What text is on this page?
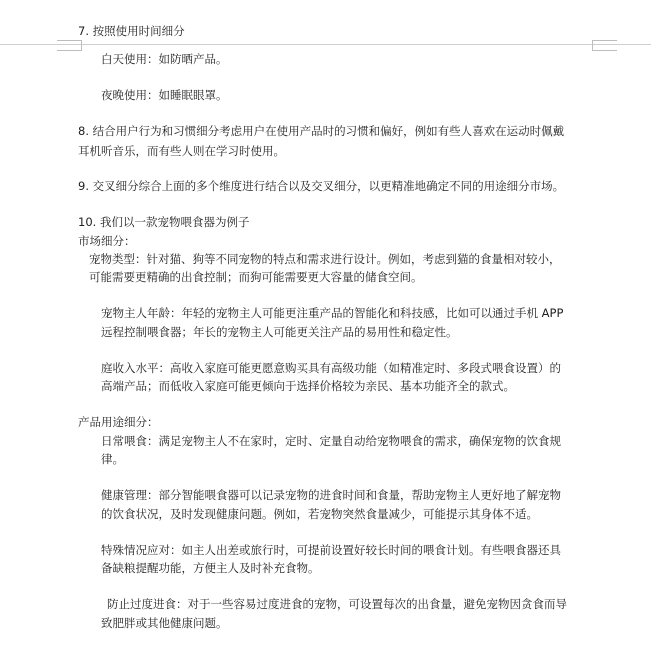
7. 按照使用时间细分
白天使用：如防晒产品。
夜晚使用：如睡眠眼罩。
8. 结合用户行为和习惯细分考虑用户在使用产品时的习惯和偏好，例如有些人喜欢在运动时佩戴
耳机听音乐，而有些人则在学习时使用。
9. 交叉细分综合上面的多个维度进行结合以及交叉细分，以更精准地确定不同的用途细分市场。
10. 我们以一款宠物喂食器为例子
市场细分：
宠物类型：针对猫、狗等不同宠物的特点和需求进行设计。例如，考虑到猫的食量相对较小，
可能需要更精确的出食控制；而狗可能需要更大容量的储食空间。
宠物主人年龄：年轻的宠物主人可能更注重产品的智能化和科技感，比如可以通过手机 APP
远程控制喂食器；年长的宠物主人可能更关注产品的易用性和稳定性。
庭收入水平：高收入家庭可能更愿意购买具有高级功能（如精准定时、多段式喂食设置）的
高端产品；而低收入家庭可能更倾向于选择价格较为亲民、基本功能齐全的款式。
产品用途细分：
日常喂食：满足宠物主人不在家时，定时、定量自动给宠物喂食的需求，确保宠物的饮食规
律。
健康管理：部分智能喂食器可以记录宠物的进食时间和食量，帮助宠物主人更好地了解宠物
的饮食状况，及时发现健康问题。例如，若宠物突然食量减少，可能提示其身体不适。
特殊情况应对：如主人出差或旅行时，可提前设置好较长时间的喂食计划。有些喂食器还具
备缺粮提醒功能，方便主人及时补充食物。
防止过度进食：对于一些容易过度进食的宠物，可设置每次的出食量，避免宠物因贪食而导
致肥胖或其他健康问题。
